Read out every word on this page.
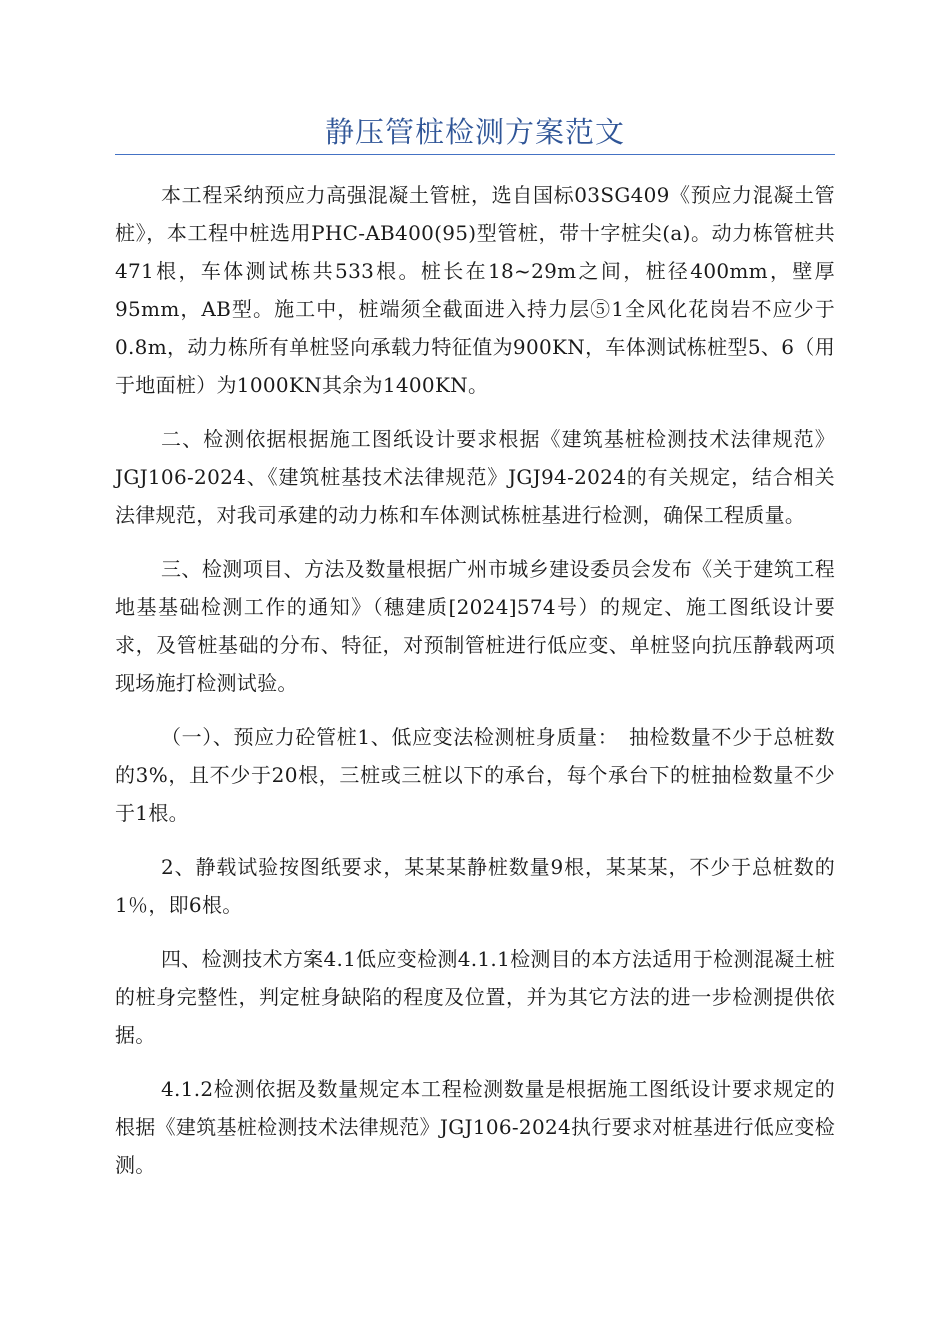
静压管桩检测方案范文

本工程采纳预应力高强混凝土管桩，选自国标03SG409《预应力混凝土管桩》，本工程中桩选用PHC-AB400(95)型管桩，带十字桩尖(a)。动力栋管桩共471根，车体测试栋共533根。桩长在18~29m之间，桩径400mm，壁厚95mm，AB型。施工中，桩端须全截面进入持力层⑤1全风化花岗岩不应少于0.8m，动力栋所有单桩竖向承载力特征值为900KN，车体测试栋桩型5、6（用于地面桩）为1000KN其余为1400KN。

二、检测依据根据施工图纸设计要求根据《建筑基桩检测技术法律规范》JGJ106-2024、《建筑桩基技术法律规范》JGJ94-2024的有关规定，结合相关法律规范，对我司承建的动力栋和车体测试栋桩基进行检测，确保工程质量。

三、检测项目、方法及数量根据广州市城乡建设委员会发布《关于建筑工程地基基础检测工作的通知》（穗建质[2024]574号）的规定、施工图纸设计要求，及管桩基础的分布、特征，对预制管桩进行低应变、单桩竖向抗压静载两项现场施打检测试验。

（一）、预应力砼管桩1、低应变法检测桩身质量：　抽检数量不少于总桩数的3%，且不少于20根，三桩或三桩以下的承台，每个承台下的桩抽检数量不少于1根。

2、静载试验按图纸要求，某某某静桩数量9根，某某某，不少于总桩数的1％，即6根。

四、检测技术方案4.1低应变检测4.1.1检测目的本方法适用于检测混凝土桩的桩身完整性，判定桩身缺陷的程度及位置，并为其它方法的进一步检测提供依据。

4.1.2检测依据及数量规定本工程检测数量是根据施工图纸设计要求规定的根据《建筑基桩检测技术法律规范》JGJ106-2024执行要求对桩基进行低应变检测。
